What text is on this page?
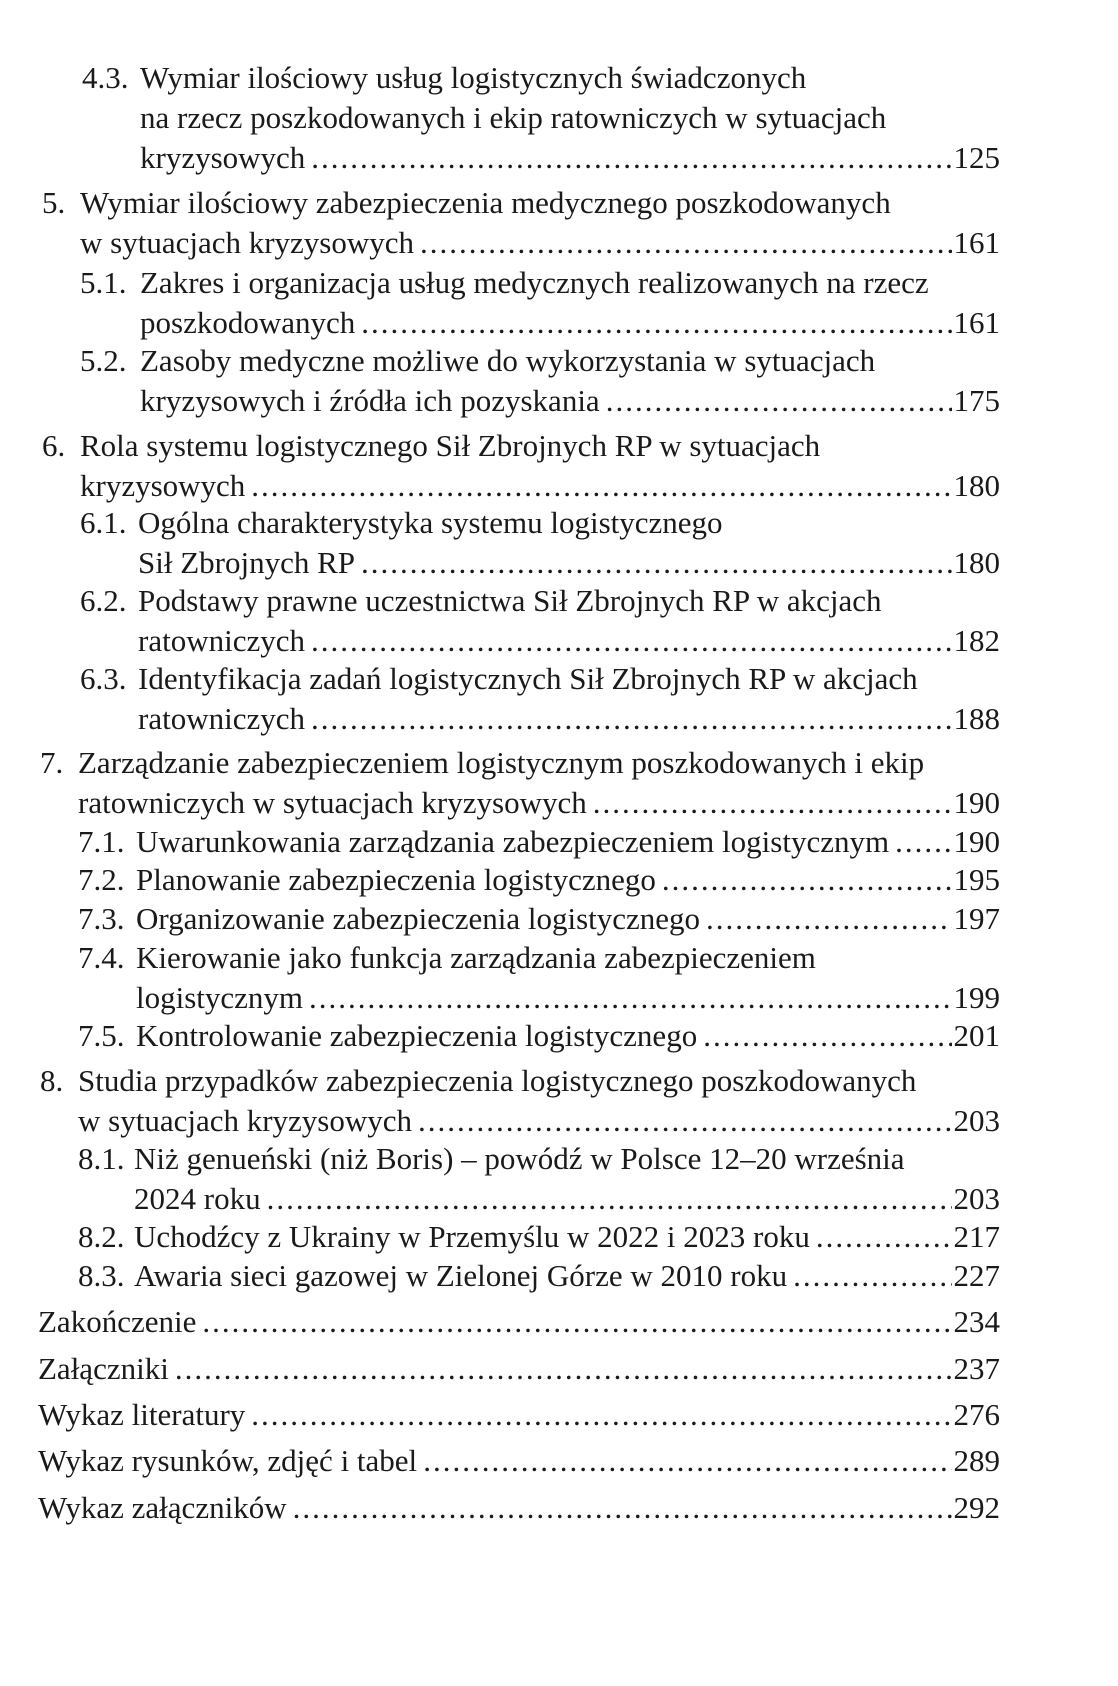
4.3. Wymiar ilościowy usług logistycznych świadczonych
na rzecz poszkodowanych i ekip ratowniczych w sytuacjach
kryzysowych .....	125
5. Wymiar ilościowy zabezpieczenia medycznego poszkodowanych
w sytuacjach kryzysowych .....	161
5.1. Zakres i organizacja usług medycznych realizowanych na rzecz
poszkodowanych .....	161
5.2. Zasoby medyczne możliwe do wykorzystania w sytuacjach
kryzysowych i źródła ich pozyskania .....	175
6. Rola systemu logistycznego Sił Zbrojnych RP w sytuacjach
kryzysowych .....	180
6.1. Ogólna charakterystyka systemu logistycznego
Sił Zbrojnych RP .....	180
6.2. Podstawy prawne uczestnictwa Sił Zbrojnych RP w akcjach
ratowniczych .....	182
6.3. Identyfikacja zadań logistycznych Sił Zbrojnych RP w akcjach
ratowniczych .....	188
7. Zarządzanie zabezpieczeniem logistycznym poszkodowanych i ekip
ratowniczych w sytuacjach kryzysowych .....	190
7.1. Uwarunkowania zarządzania zabezpieczeniem logistycznym ..... 190
7.2. Planowanie zabezpieczenia logistycznego .....	195
7.3. Organizowanie zabezpieczenia logistycznego .....	197
7.4. Kierowanie jako funkcja zarządzania zabezpieczeniem
logistycznym .....	199
7.5. Kontrolowanie zabezpieczenia logistycznego .....	201
8. Studia przypadków zabezpieczenia logistycznego poszkodowanych
w sytuacjach kryzysowych .....	203
8.1. Niż genueński (niż Boris) – powódź w Polsce 12–20 września
2024 roku .....	203
8.2. Uchodźcy z Ukrainy w Przemyślu w 2022 i 2023 roku .....	217
8.3. Awaria sieci gazowej w Zielonej Górze w 2010 roku .....	227
Zakończenie .....	234
Załączniki .....	237
Wykaz literatury .....	276
Wykaz rysunków, zdjęć i tabel .....	289
Wykaz załączników .....	292
